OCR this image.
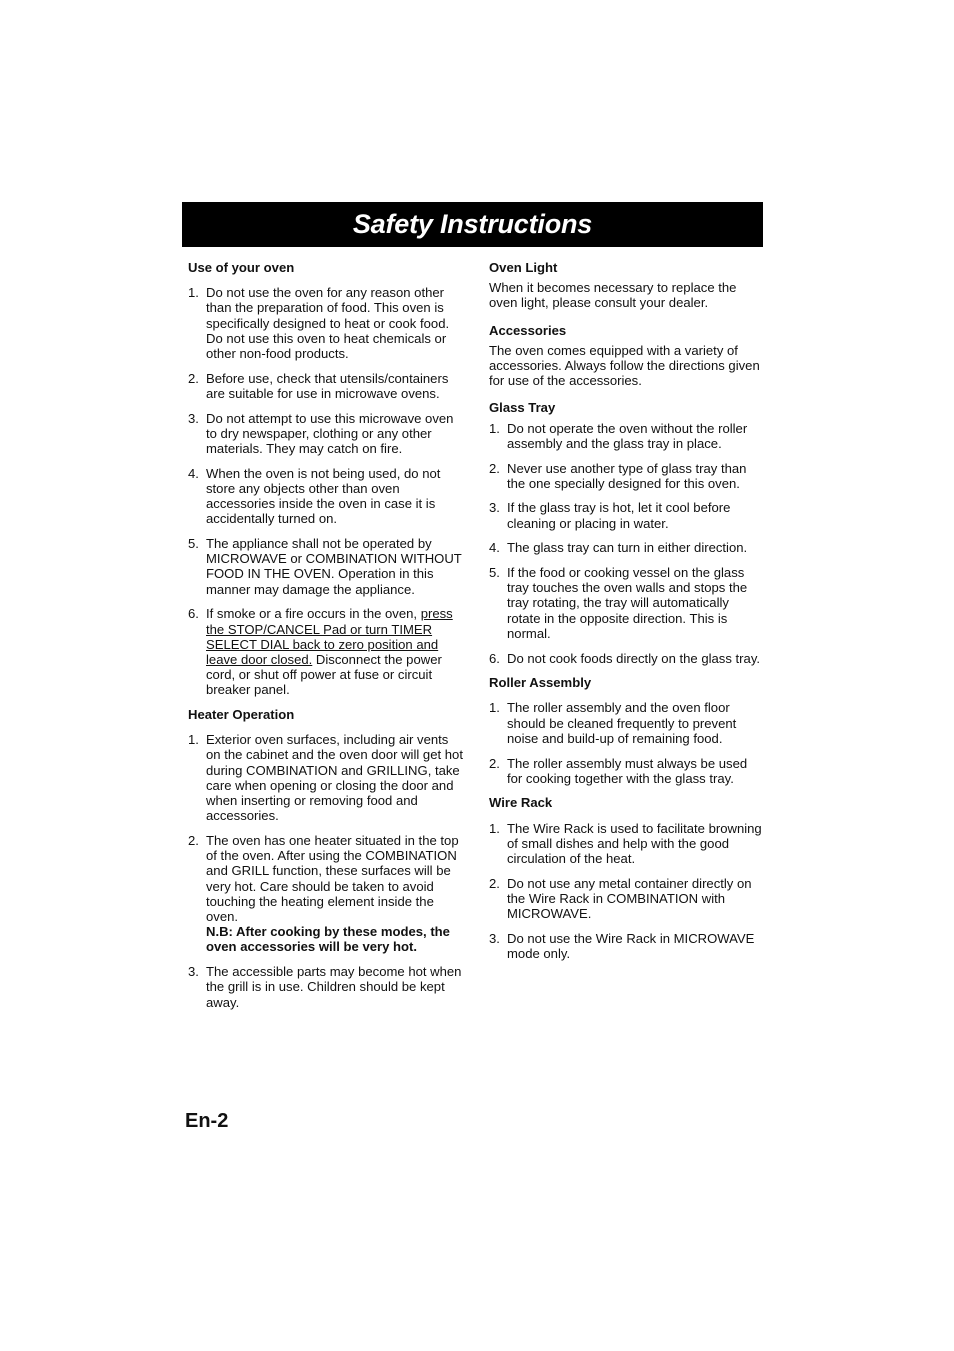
Safety Instructions
Use of your oven
1. Do not use the oven for any reason other than the preparation of food. This oven is specifically designed to heat or cook food. Do not use this oven to heat chemicals or other non-food products.
2. Before use, check that utensils/containers are suitable for use in microwave ovens.
3. Do not attempt to use this microwave oven to dry newspaper, clothing or any other materials. They may catch on fire.
4. When the oven is not being used, do not store any objects other than oven accessories inside the oven in case it is accidentally turned on.
5. The appliance shall not be operated by MICROWAVE or COMBINATION WITHOUT FOOD IN THE OVEN. Operation in this manner may damage the appliance.
6. If smoke or a fire occurs in the oven, press the STOP/CANCEL Pad or turn TIMER SELECT DIAL back to zero position and leave door closed. Disconnect the power cord, or shut off power at fuse or circuit breaker panel.
Heater Operation
1. Exterior oven surfaces, including air vents on the cabinet and the oven door will get hot during COMBINATION and GRILLING, take care when opening or closing the door and when inserting or removing food and accessories.
2. The oven has one heater situated in the top of the oven. After using the COMBINATION and GRILL function, these surfaces will be very hot. Care should be taken to avoid touching the heating element inside the oven.
N.B: After cooking by these modes, the oven accessories will be very hot.
3. The accessible parts may become hot when the grill is in use. Children should be kept away.
Oven Light
When it becomes necessary to replace the oven light, please consult your dealer.
Accessories
The oven comes equipped with a variety of accessories. Always follow the directions given for use of the accessories.
Glass Tray
1. Do not operate the oven without the roller assembly and the glass tray in place.
2. Never use another type of glass tray than the one specially designed for this oven.
3. If the glass tray is hot, let it cool before cleaning or placing in water.
4. The glass tray can turn in either direction.
5. If the food or cooking vessel on the glass tray touches the oven walls and stops the tray rotating, the tray will automatically rotate in the opposite direction. This is normal.
6. Do not cook foods directly on the glass tray.
Roller Assembly
1. The roller assembly and the oven floor should be cleaned frequently to prevent noise and build-up of remaining food.
2. The roller assembly must always be used for cooking together with the glass tray.
Wire Rack
1. The Wire Rack is used to facilitate browning of small dishes and help with the good circulation of the heat.
2. Do not use any metal container directly on the Wire Rack in COMBINATION with MICROWAVE.
3. Do not use the Wire Rack in MICROWAVE mode only.
En-2
